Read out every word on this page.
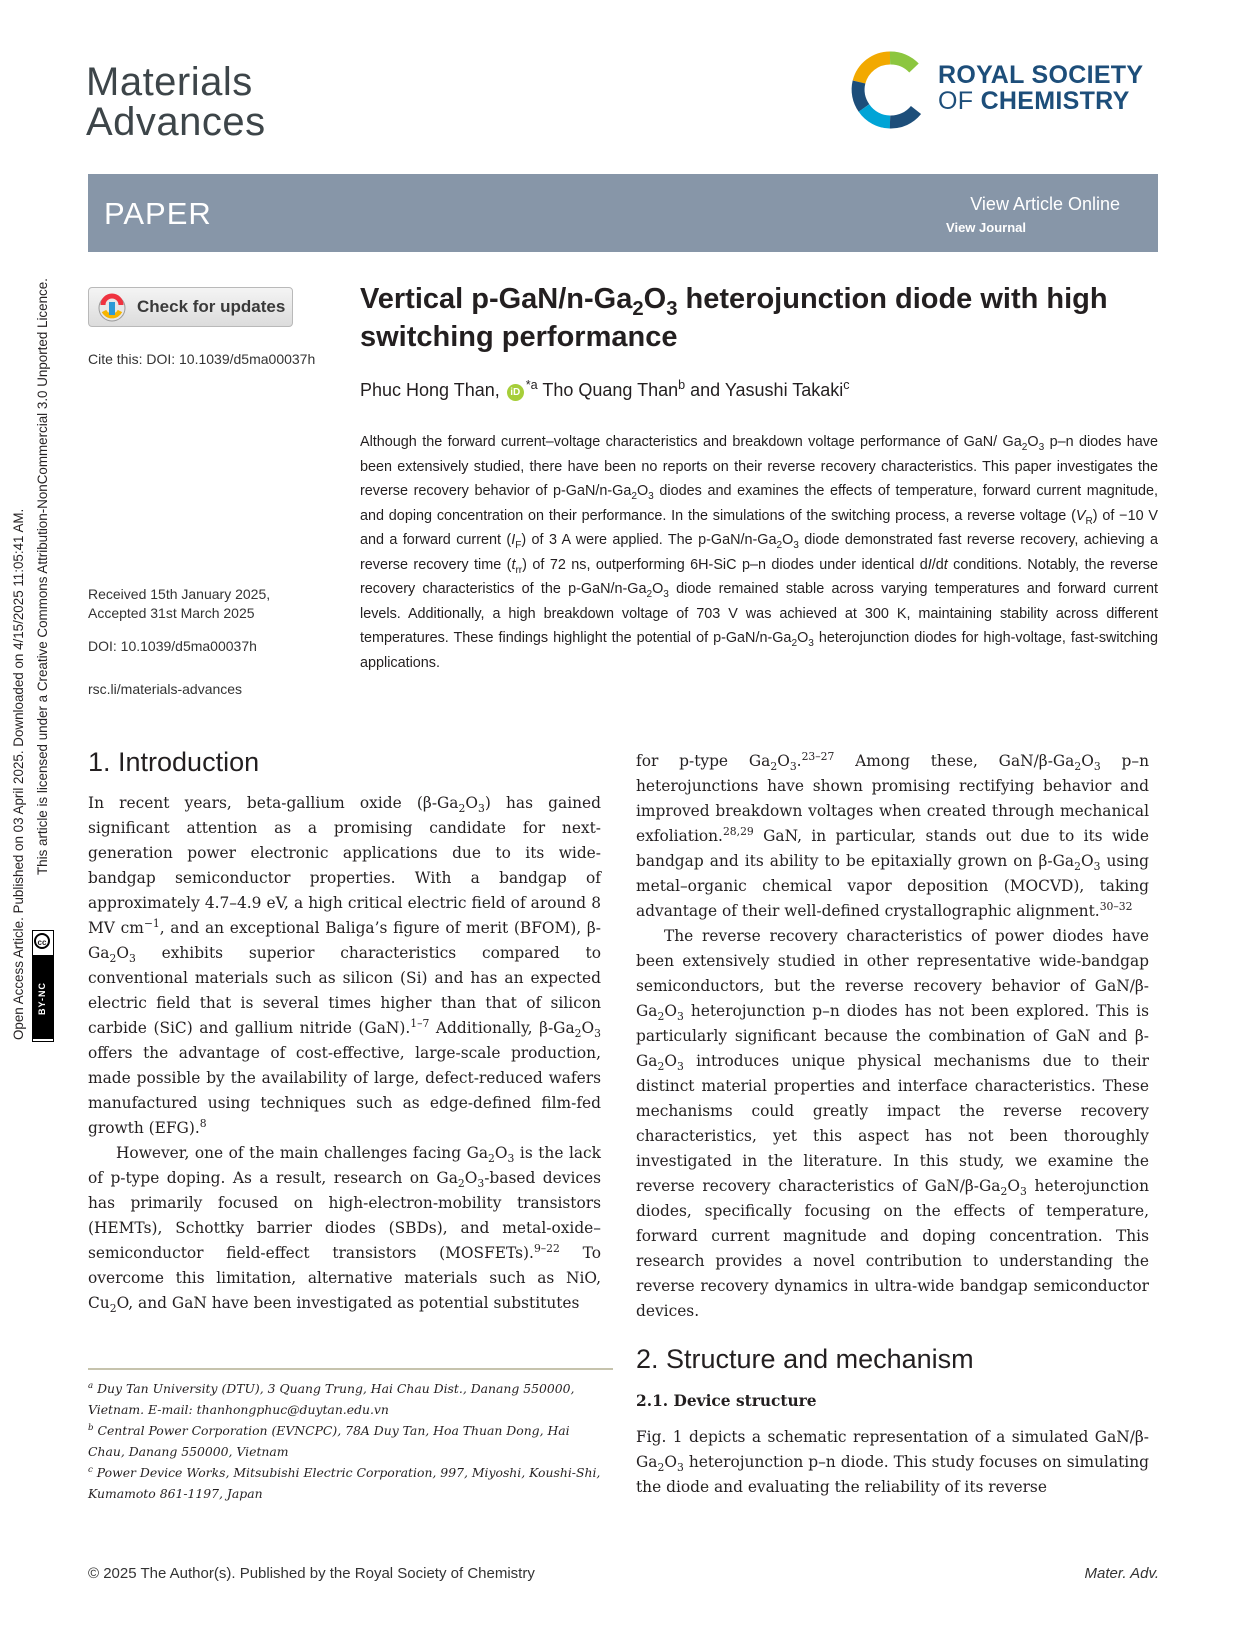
Materials
Advances
ROYAL SOCIETY
OF CHEMISTRY
PAPER	View Article Online
View Journal
Check for updates
Cite this: DOI: 10.1039/d5ma00037h
Received 15th January 2025,
Accepted 31st March 2025
DOI: 10.1039/d5ma00037h
rsc.li/materials-advances
Vertical $p-GaN/n-Ga_2O_3$ heterojunction diode with high switching performance
Phuc Hong Than, $iD^{*a}$ Tho Quang Than$^b$ and Yasushi Takaki$^c$
Although the forward current–voltage characteristics and breakdown voltage performance of GaN/ $Ga_2O_3$ p–n diodes have been extensively studied, there have been no reports on their reverse recovery characteristics. This paper investigates the reverse recovery behavior of $p-GaN/n-Ga_2O_3$ diodes and examines the effects of temperature, forward current magnitude, and doping concentration on their performance. In the simulations of the switching process, a reverse voltage $(V_R)$ of −10 V and a forward current $(I_F)$ of 3 A were applied. The $p-GaN/n-Ga_2O_3$ diode demonstrated fast reverse recovery, achieving a reverse recovery time $(t_{rr})$ of 72 ns, outperforming 6H-SiC p–n diodes under identical dI/dt conditions. Notably, the reverse recovery characteristics of the $p-GaN/n-Ga_2O_3$ diode remained stable across varying temperatures and forward current levels. Additionally, a high breakdown voltage of 703 V was achieved at 300 K, maintaining stability across different temperatures. These findings highlight the potential of $p-GaN/n-Ga_2O_3$ heterojunction diodes for high-voltage, fast-switching applications.
1. Introduction

In recent years, beta-gallium oxide $(\beta-Ga_2O_3)$ has gained significant attention as a promising candidate for next-generation power electronic applications due to its wide-bandgap semiconductor properties. With a bandgap of approximately 4.7–4.9 eV, a high critical electric field of around 8 MV $cm^{-1}$, and an exceptional Baliga’s figure of merit (BFOM), $\beta-Ga_2O_3$ exhibits superior characteristics compared to conventional materials such as silicon (Si) and has an expected electric field that is several times higher than that of silicon carbide (SiC) and gallium nitride (GaN).$^{1-7}$ Additionally, $\beta-Ga_2O_3$ offers the advantage of cost-effective, large-scale production, made possible by the availability of large, defect-reduced wafers manufactured using techniques such as edge-defined film-fed growth (EFG).$^8$

However, one of the main challenges facing $Ga_2O_3$ is the lack of p-type doping. As a result, research on $Ga_2O_3$-based devices has primarily focused on high-electron-mobility transistors (HEMTs), Schottky barrier diodes (SBDs), and metal-oxide–semiconductor field-effect transistors (MOSFETs).$^{9-22}$ To overcome this limitation, alternative materials such as NiO, $Cu_2O$, and GaN have been investigated as potential substitutes

for p-type $Ga_2O_3.^{23-27}$ Among these, GaN/$\beta-Ga_2O_3$ p–n heterojunctions have shown promising rectifying behavior and improved breakdown voltages when created through mechanical exfoliation.$^{28,29}$ GaN, in particular, stands out due to its wide bandgap and its ability to be epitaxially grown on $\beta-Ga_2O_3$ using metal–organic chemical vapor deposition (MOCVD), taking advantage of their well-defined crystallographic alignment.$^{30-32}$

The reverse recovery characteristics of power diodes have been extensively studied in other representative wide-bandgap semiconductors, but the reverse recovery behavior of GaN/$\beta-Ga_2O_3$ heterojunction p–n diodes has not been explored. This is particularly significant because the combination of GaN and $\beta-Ga_2O_3$ introduces unique physical mechanisms due to their distinct material properties and interface characteristics. These mechanisms could greatly impact the reverse recovery characteristics, yet this aspect has not been thoroughly investigated in the literature. In this study, we examine the reverse recovery characteristics of GaN/$\beta-Ga_2O_3$ heterojunction diodes, specifically focusing on the effects of temperature, forward current magnitude and doping concentration. This research provides a novel contribution to understanding the reverse recovery dynamics in ultra-wide bandgap semiconductor devices.

2. Structure and mechanism
2.1. Device structure

Fig. 1 depicts a schematic representation of a simulated GaN/$\beta-Ga_2O_3$ heterojunction p–n diode. This study focuses on simulating the diode and evaluating the reliability of its reverse

$^a$ Duy Tan University (DTU), 3 Quang Trung, Hai Chau Dist., Danang 550000, Vietnam. E-mail: thanhongphuc@duytan.edu.vn
$^b$ Central Power Corporation (EVNCPC), 78A Duy Tan, Hoa Thuan Dong, Hai Chau, Danang 550000, Vietnam
$^c$ Power Device Works, Mitsubishi Electric Corporation, 997, Miyoshi, Koushi-Shi, Kumamoto 861-1197, Japan
Open Access Article. Published on 03 April 2025. Downloaded on 4/15/2025 11:05:41 AM. This article is licensed under a Creative Commons Attribution-NonCommercial 3.0 Unported Licence.
cc
BY-NC
© 2025 The Author(s). Published by the Royal Society of Chemistry	Mater. Adv.
